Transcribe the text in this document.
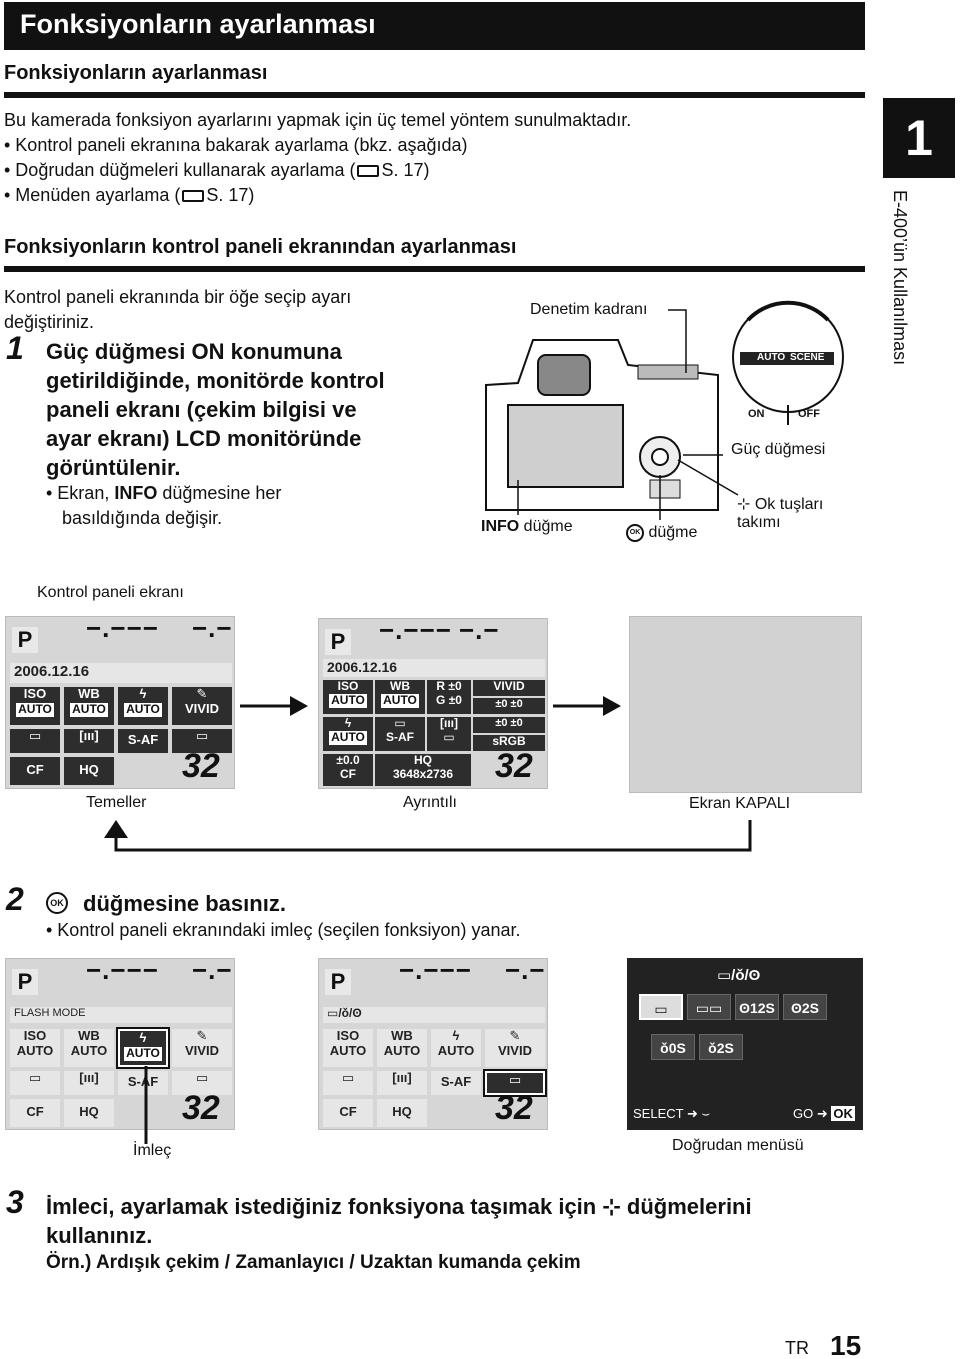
Fonksiyonların ayarlanması
Fonksiyonların ayarlanması
Bu kamerada fonksiyon ayarlarını yapmak için üç temel yöntem sunulmaktadır.
• Kontrol paneli ekranına bakarak ayarlama (bkz. aşağıda)
• Doğrudan düğmeleri kullanarak ayarlama ( S. 17)
• Menüden ayarlama ( S. 17)
Fonksiyonların kontrol paneli ekranından ayarlanması
Kontrol paneli ekranında bir öğe seçip ayarı
değiştiriniz.
1 Güç düğmesi ON konumuna
getirildiğinde, monitörde kontrol
paneli ekranı (çekim bilgisi ve
ayar ekranı) LCD monitöründe
görüntülenir.
• Ekran, INFO düğmesine her
basıldığında değişir.
Denetim kadranı
AUTO SCENE
ON	OFF
Güç düğmesi
INFO düğme	OK düğme
⊹ Ok tuşları
takımı
Kontrol paneli ekranı
P −.−−− −.−
2006.12.16
ISO
AUTO
WB
AUTO
ϟ
AUTO
✎
VIVID
▭	[ııı]	S-AF	▭
CF	HQ	32
Temeller
P −.−−− −.−
2006.12.16
ISO
AUTO
WB
AUTO
R ±0
G ±0
VIVID
±0 ±0
ϟ
AUTO
▭
S-AF
[ııı]
▭
±0 ±0
sRGB
±0.0
CF
HQ
3648x2736	32
Ayrıntılı	Ekran KAPALI
2	OK düğmesine basınız.
• Kontrol paneli ekranındaki imleç (seçilen fonksiyon) yanar.
P −.−−− −.−
FLASH MODE
ISO
AUTO
WB
AUTO
ϟ
AUTO
✎
VIVID
▭	[ııı]	S-AF	▭
CF	HQ	32
İmleç
P −.−−− −.−
▭/ǒ/ʘ
ISO
AUTO
WB
AUTO
ϟ
AUTO
✎
VIVID
▭	[ııı]	S-AF	▭
CF	HQ	32
▭/ǒ/ʘ
▭	▭▭	ʘ12S	ʘ2S
ǒ0S	ǒ2S
SELECT ➜ ⌣	GO ➜ OK
Doğrudan menüsü
3 İmleci, ayarlamak istediğiniz fonksiyona taşımak için ⊹ düğmelerini
kullanınız.
Örn.) Ardışık çekim / Zamanlayıcı / Uzaktan kumanda çekim
1
E-400’ün Kullanılması
TR 15
